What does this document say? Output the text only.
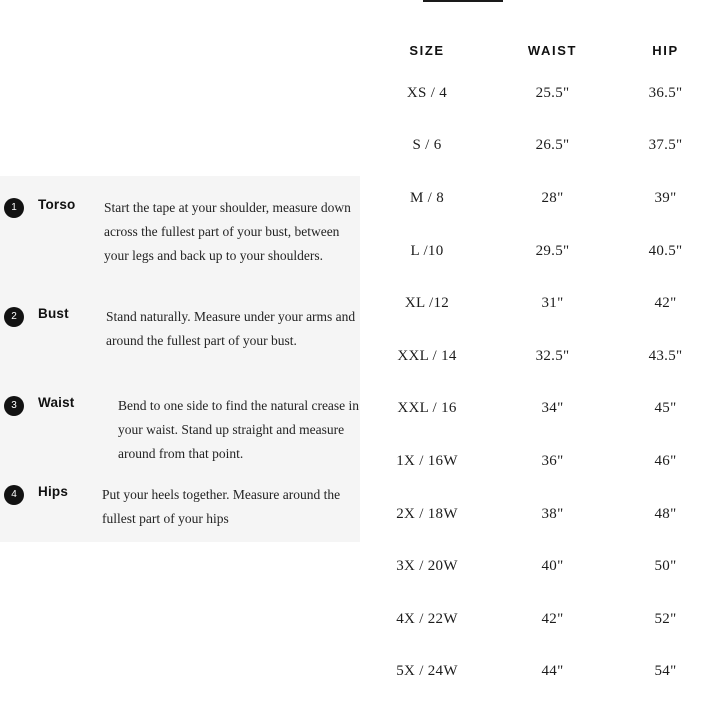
1	Torso	Start the tape at your shoulder, measure down across the fullest part of your bust, between your legs and back up to your shoulders.
2	Bust	Stand naturally. Measure under your arms and around the fullest part of your bust.
3	Waist	Bend to one side to find the natural crease in your waist. Stand up straight and measure around from that point.
4	Hips	Put your heels together. Measure around the fullest part of your hips
SIZE	WAIST	HIP
XS / 4	25.5"	36.5"
S / 6	26.5"	37.5"
M / 8	28"	39"
L /10	29.5"	40.5"
XL /12	31"	42"
XXL / 14	32.5"	43.5"
XXL / 16	34"	45"
1X / 16W	36"	46"
2X / 18W	38"	48"
3X / 20W	40"	50"
4X / 22W	42"	52"
5X / 24W	44"	54"
